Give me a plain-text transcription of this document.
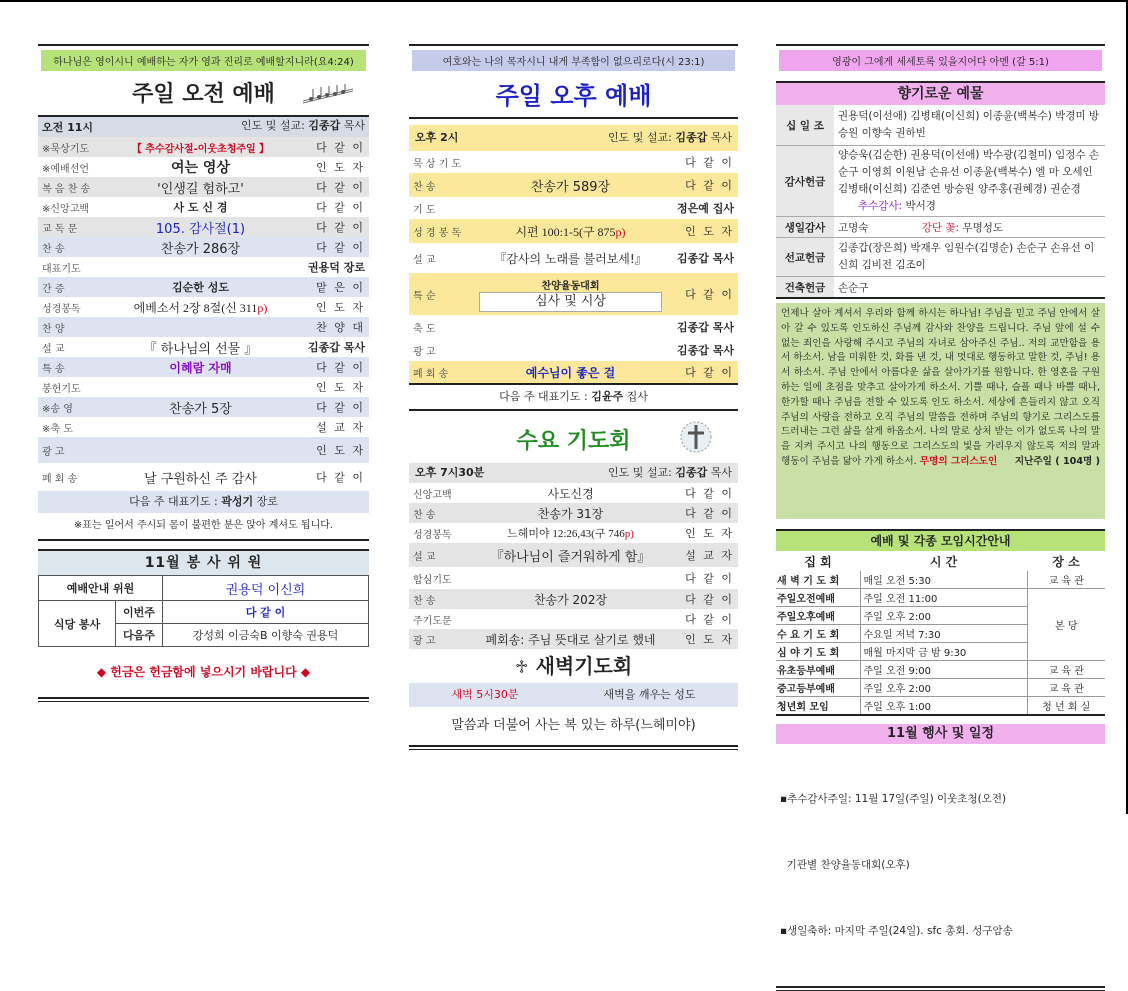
하나님은 영이시니 예배하는 자가 영과 진리로 예배할지니라(요4:24)
주일 오전 예배
오전 11시		인도 및 설교: 김종갑 목사
※묵상기도	【 추수감사절-이웃초청주일 】	다 같 이
※예배선언	여는 영상	인 도 자
복 음 찬 송	'인생길 험하고'	다 같 이
※신앙고백	사 도 신 경	다 같 이
교 독 문	105. 감사절(1)	다 같 이
찬 송	찬송가 286장	다 같 이
대표기도		권용덕 장로
간 증	김순한 성도	맡 은 이
성경봉독	에베소서 2장 8절(신 311p)	인 도 자
찬 양		찬 양 대
설 교	『 하나님의 선물 』	김종갑 목사
특 송	이혜람 자매	다 같 이
봉헌기도		인 도 자
※송 영	찬송가 5장	다 같 이
※축 도		설 교 자
광 고		인 도 자
폐 회 송	날 구원하신 주 감사	다 같 이
다음 주 대표기도 : 곽성기 장로
※표는 일어서 주시되 몸이 불편한 분은 앉아 계셔도 됩니다.
11월 봉 사 위 원
예배안내 위원		권용덕 이신희
식당 봉사	이번주	다 같 이
	다음주	강성희 이금숙B 이향숙 권용덕
◆ 헌금은 헌금함에 넣으시기 바랍니다 ◆
여호와는 나의 목자시니 내게 부족함이 없으리로다(시 23:1)
주일 오후 예배
오후 2시	인도 및 설교: 김종갑 목사
묵 상 기 도		다 같 이
찬 송	찬송가 589장	다 같 이
기 도		정은예 집사
성 경 봉 독	시편 100:1-5(구 875p)	인 도 자
설 교	『감사의 노래를 불러보세!』	김종갑 목사
특 순	찬양율동대회
심사 및 시상	다 같 이
축 도		김종갑 목사
광 고		김종갑 목사
폐 회 송	예수님이 좋은 걸	다 같 이
다음 주 대표기도 : 김윤주 집사
수요 기도회
오후 7시30분	인도 및 설교: 김종갑 목사
신앙고백	사도신경	다 같 이
찬 송	찬송가 31장	다 같 이
성경봉독	느헤미야 12:26,43(구 746p)	인 도 자
설 교	『하나님이 즐거워하게 함』	설 교 자
합심기도		다 같 이
찬 송	찬송가 202장	다 같 이
주기도문		다 같 이
광 고	폐회송: 주님 뜻대로 살기로 했네	인 도 자
♱ 새벽기도회
새벽 5시30분	새벽을 깨우는 성도
말씀과 더불어 사는 복 있는 하루(느헤미야)
영광이 그에게 세세토록 있을지어다 아멘 (갈 5:1)
향기로운 예물
십 일 조	권용덕(이선애) 김병태(이신희) 이종윤(백복수) 박경미 방승원 이향숙 권하빈
감사헌금	양승욱(김순한) 권용덕(이선애) 박수광(김철미) 임정수 손순구 이영희 이원남 손유선 이종윤(백복수) 엘 마 오세인 김병태(이신희) 김준연 방승원 양주홍(권혜경) 권순경 추수감사: 박서경
생일감사	고명숙 강단 꽃: 무명성도
선교헌금	김종갑(장은희) 박재우 임원수(김명순) 손순구 손유선 이신희 김비전 김조이
건축헌금	손순구
언제나 살아 계셔서 우리와 함께 하시는 하나님! 주님을 믿고 주님 안에서 살아 갈 수 있도록 인도하신 주님께 감사와 찬양을 드립니다. 주님 앞에 설 수 없는 죄인을 사랑해 주시고 주님의 자녀로 삼아주신 주님.. 저의 교만함을 용서 하소서. 남을 미워한 것, 화를 낸 것, 내 멋대로 행동하고 말한 것, 주님! 용서 하소서. 주님 안에서 아름다운 삶을 살아가기를 원합니다. 한 영혼을 구원하는 일에 초점을 맞추고 살아가게 하소서. 기쁠 때나, 슬플 때나 바쁠 때나, 한가할 때나 주님을 전할 수 있도록 인도 하소서. 세상에 흔들리지 않고 오직 주님의 사랑을 전하고 오직 주님의 말씀을 전하며 주님의 향기로 그리스도를 드러내는 그런 삶을 살게 하옵소서. 나의 말로 상처 받는 이가 없도록 나의 말을 지켜 주시고 나의 행동으로 그리스도의 빛을 가리우지 않도록 저의 말과 행동이 주님을 닮아 가게 하소서. 무명의 그리스도인 지난주일 ( 104명 )
예배 및 각종 모임시간안내
집 회	시 간	장 소
새 벽 기 도 회	매일 오전 5:30	교 육 관
주일오전예배	주일 오전 11:00	본 당
주일오후예배	주일 오후 2:00	
수 요 기 도 회	수요일 저녁 7:30	
심 야 기 도 회	매월 마지막 금 밤 9:30	
유초등부예배	주일 오전 9:00	교 육 관
중고등부예배	주일 오후 2:00	교 육 관
청년회 모임	주일 오후 1:00	청 년 회 실
11월 행사 및 일정

▪추수감사주일: 11월 17일(주일) 이웃초청(오전)

기관별 찬양율동대회(오후)

▪생일축하: 마지막 주일(24일). sfc 총회. 성구암송
